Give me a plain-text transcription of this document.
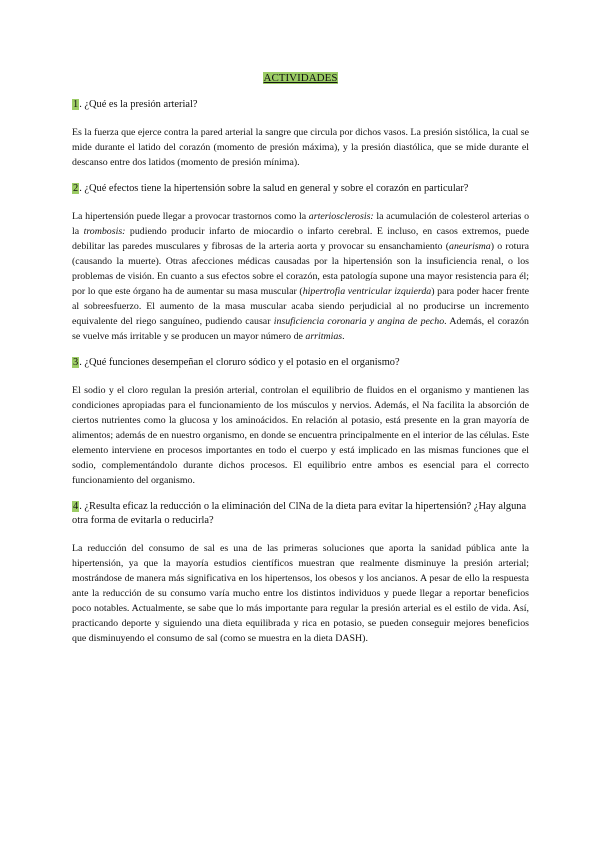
ACTIVIDADES

1. ¿Qué es la presión arterial?

Es la fuerza que ejerce contra la pared arterial la sangre que circula por dichos vasos. La presión sistólica, la cual se mide durante el latido del corazón (momento de presión máxima), y la presión diastólica, que se mide durante el descanso entre dos latidos (momento de presión mínima).

2. ¿Qué efectos tiene la hipertensión sobre la salud en general y sobre el corazón en particular?

La hipertensión puede llegar a provocar trastornos como la arteriosclerosis: la acumulación de colesterol arterias o la trombosis: pudiendo producir infarto de miocardio o infarto cerebral. E incluso, en casos extremos, puede debilitar las paredes musculares y fibrosas de la arteria aorta y provocar su ensanchamiento (aneurisma) o rotura (causando la muerte). Otras afecciones médicas causadas por la hipertensión son la insuficiencia renal, o los problemas de visión. En cuanto a sus efectos sobre el corazón, esta patología supone una mayor resistencia para él; por lo que este órgano ha de aumentar su masa muscular (hipertrofia ventricular izquierda) para poder hacer frente al sobreesfuerzo. El aumento de la masa muscular acaba siendo perjudicial al no producirse un incremento equivalente del riego sanguíneo, pudiendo causar insuficiencia coronaria y angina de pecho. Además, el corazón se vuelve más irritable y se producen un mayor número de arritmias.

3. ¿Qué funciones desempeñan el cloruro sódico y el potasio en el organismo?

El sodio y el cloro regulan la presión arterial, controlan el equilibrio de fluidos en el organismo y mantienen las condiciones apropiadas para el funcionamiento de los músculos y nervios. Además, el Na facilita la absorción de ciertos nutrientes como la glucosa y los aminoácidos. En relación al potasio, está presente en la gran mayoría de alimentos; además de en nuestro organismo, en donde se encuentra principalmente en el interior de las células. Este elemento interviene en procesos importantes en todo el cuerpo y está implicado en las mismas funciones que el sodio, complementándolo durante dichos procesos. El equilibrio entre ambos es esencial para el correcto funcionamiento del organismo.

4. ¿Resulta eficaz la reducción o la eliminación del ClNa de la dieta para evitar la hipertensión? ¿Hay alguna otra forma de evitarla o reducirla?

La reducción del consumo de sal es una de las primeras soluciones que aporta la sanidad pública ante la hipertensión, ya que la mayoría estudios científicos muestran que realmente disminuye la presión arterial; mostrándose de manera más significativa en los hipertensos, los obesos y los ancianos. A pesar de ello la respuesta ante la reducción de su consumo varía mucho entre los distintos individuos y puede llegar a reportar beneficios poco notables. Actualmente, se sabe que lo más importante para regular la presión arterial es el estilo de vida. Así, practicando deporte y siguiendo una dieta equilibrada y rica en potasio, se pueden conseguir mejores beneficios que disminuyendo el consumo de sal (como se muestra en la dieta DASH).
